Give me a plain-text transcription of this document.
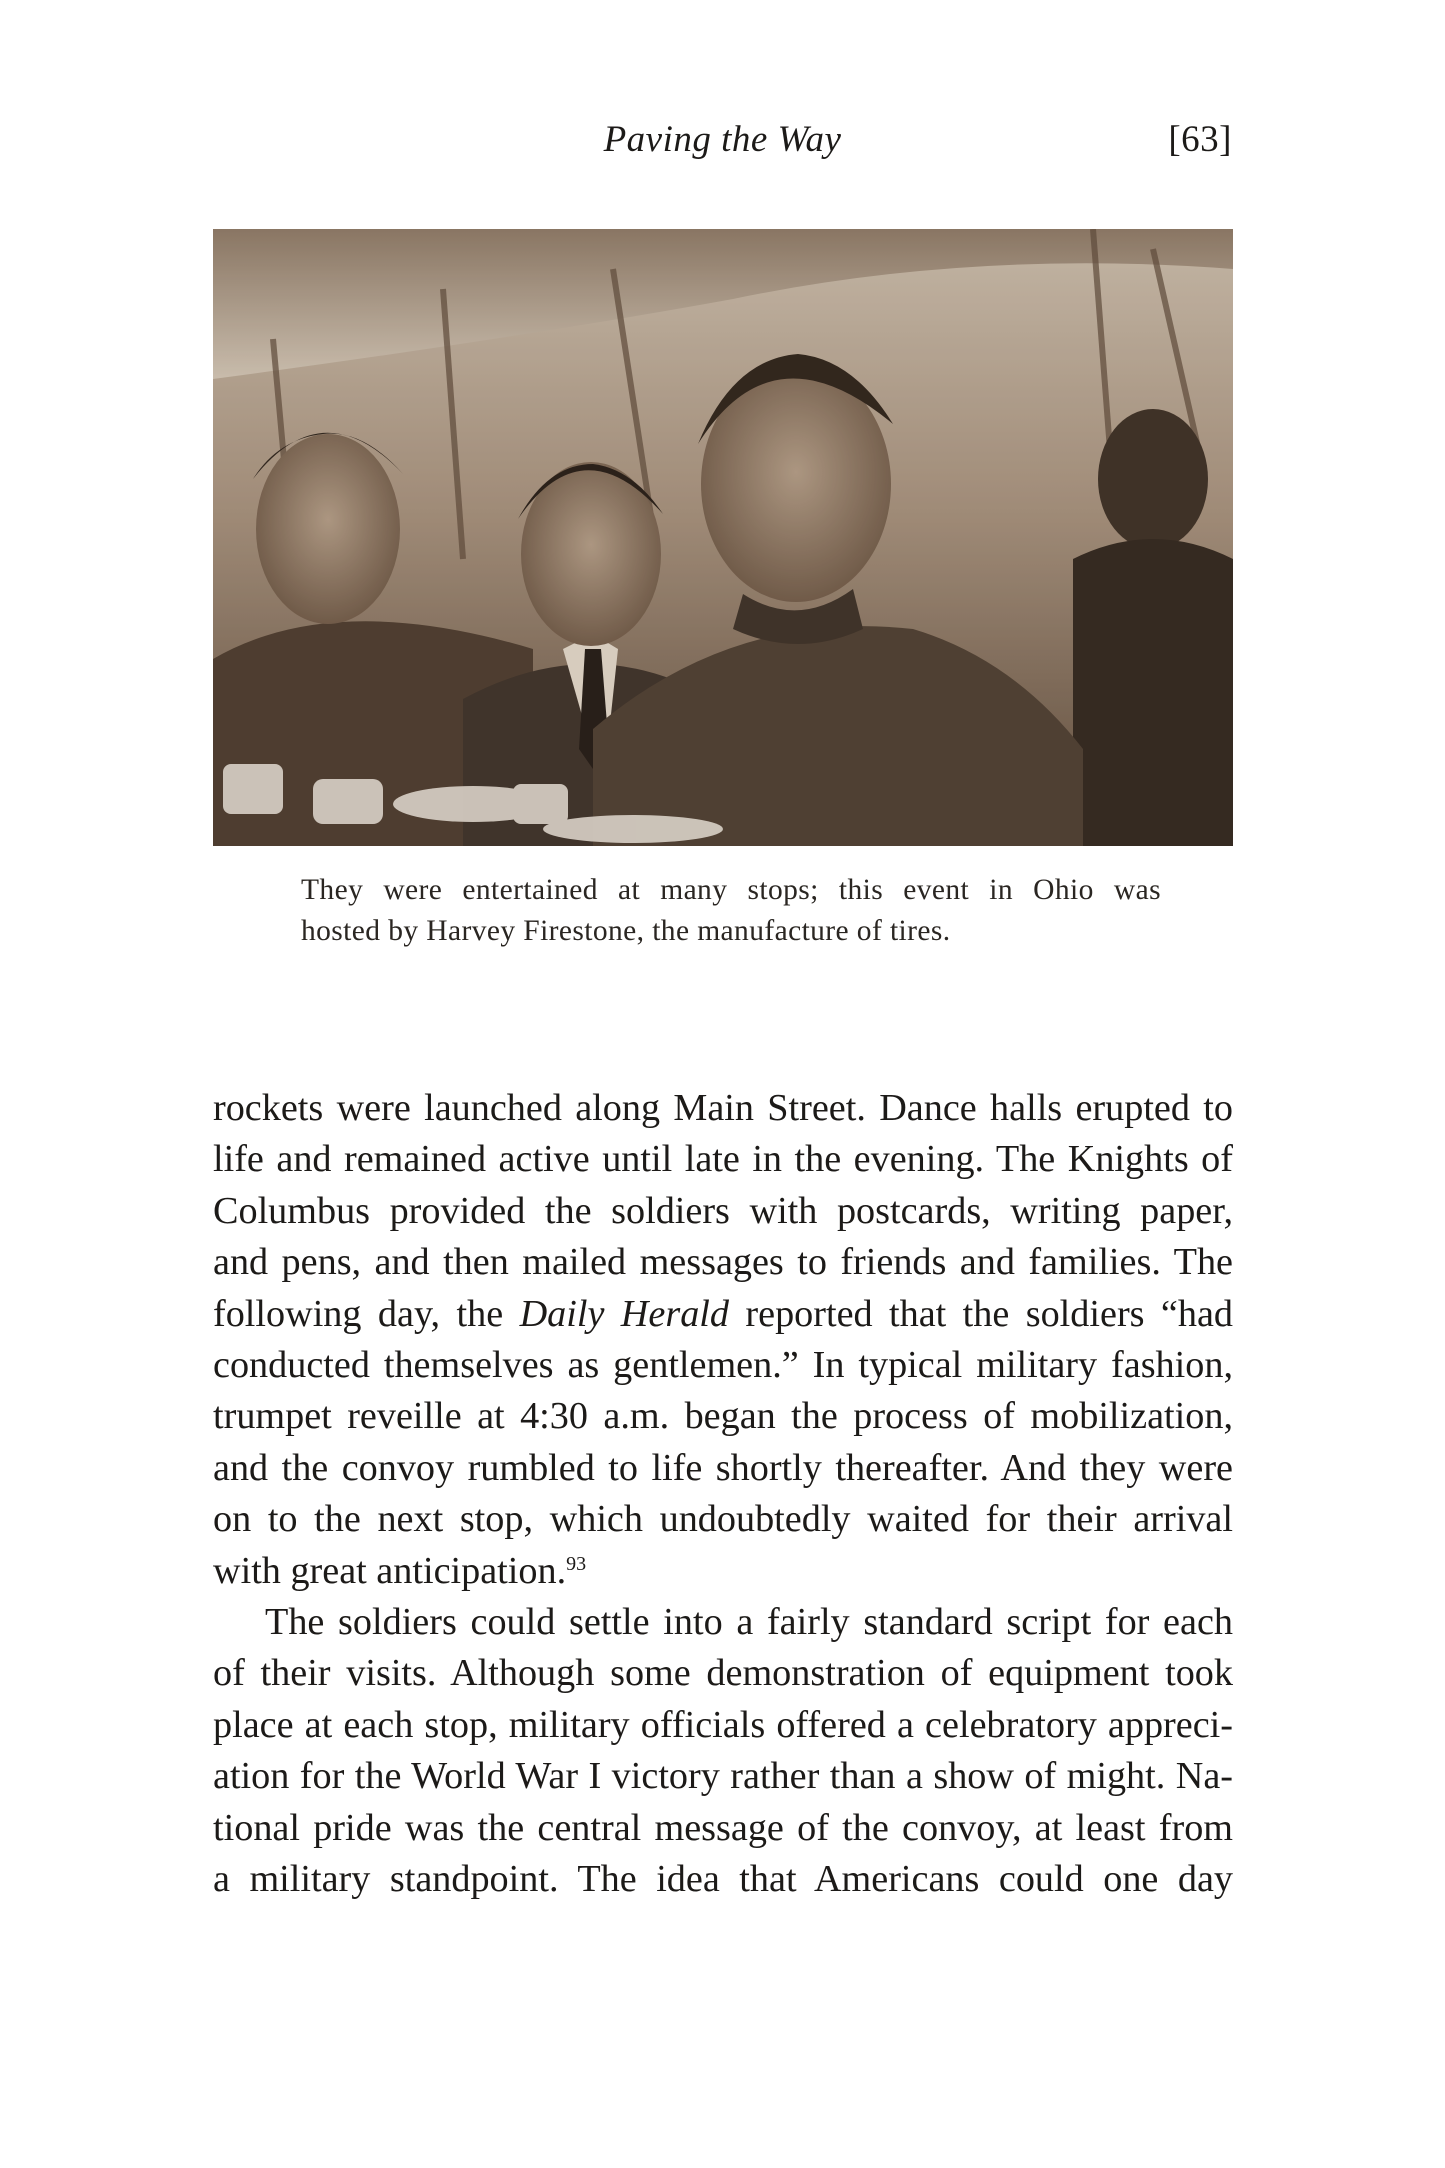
Paving the Way	[63]
They were entertained at many stops; this event in Ohio was
hosted by Harvey Firestone, the manufacture of tires.
rockets were launched along Main Street. Dance halls erupted to
life and remained active until late in the evening. The Knights of
Columbus provided the soldiers with postcards, writing paper,
and pens, and then mailed messages to friends and families. The
following day, the Daily Herald reported that the soldiers “had
conducted themselves as gentlemen.” In typical military fashion,
trumpet reveille at 4:30 a.m. began the process of mobilization,
and the convoy rumbled to life shortly thereafter. And they were
on to the next stop, which undoubtedly waited for their arrival
with great anticipation.$^{93}$
The soldiers could settle into a fairly standard script for each
of their visits. Although some demonstration of equipment took
place at each stop, military officials offered a celebratory appreci-
ation for the World War I victory rather than a show of might. Na-
tional pride was the central message of the convoy, at least from
a military standpoint. The idea that Americans could one day
